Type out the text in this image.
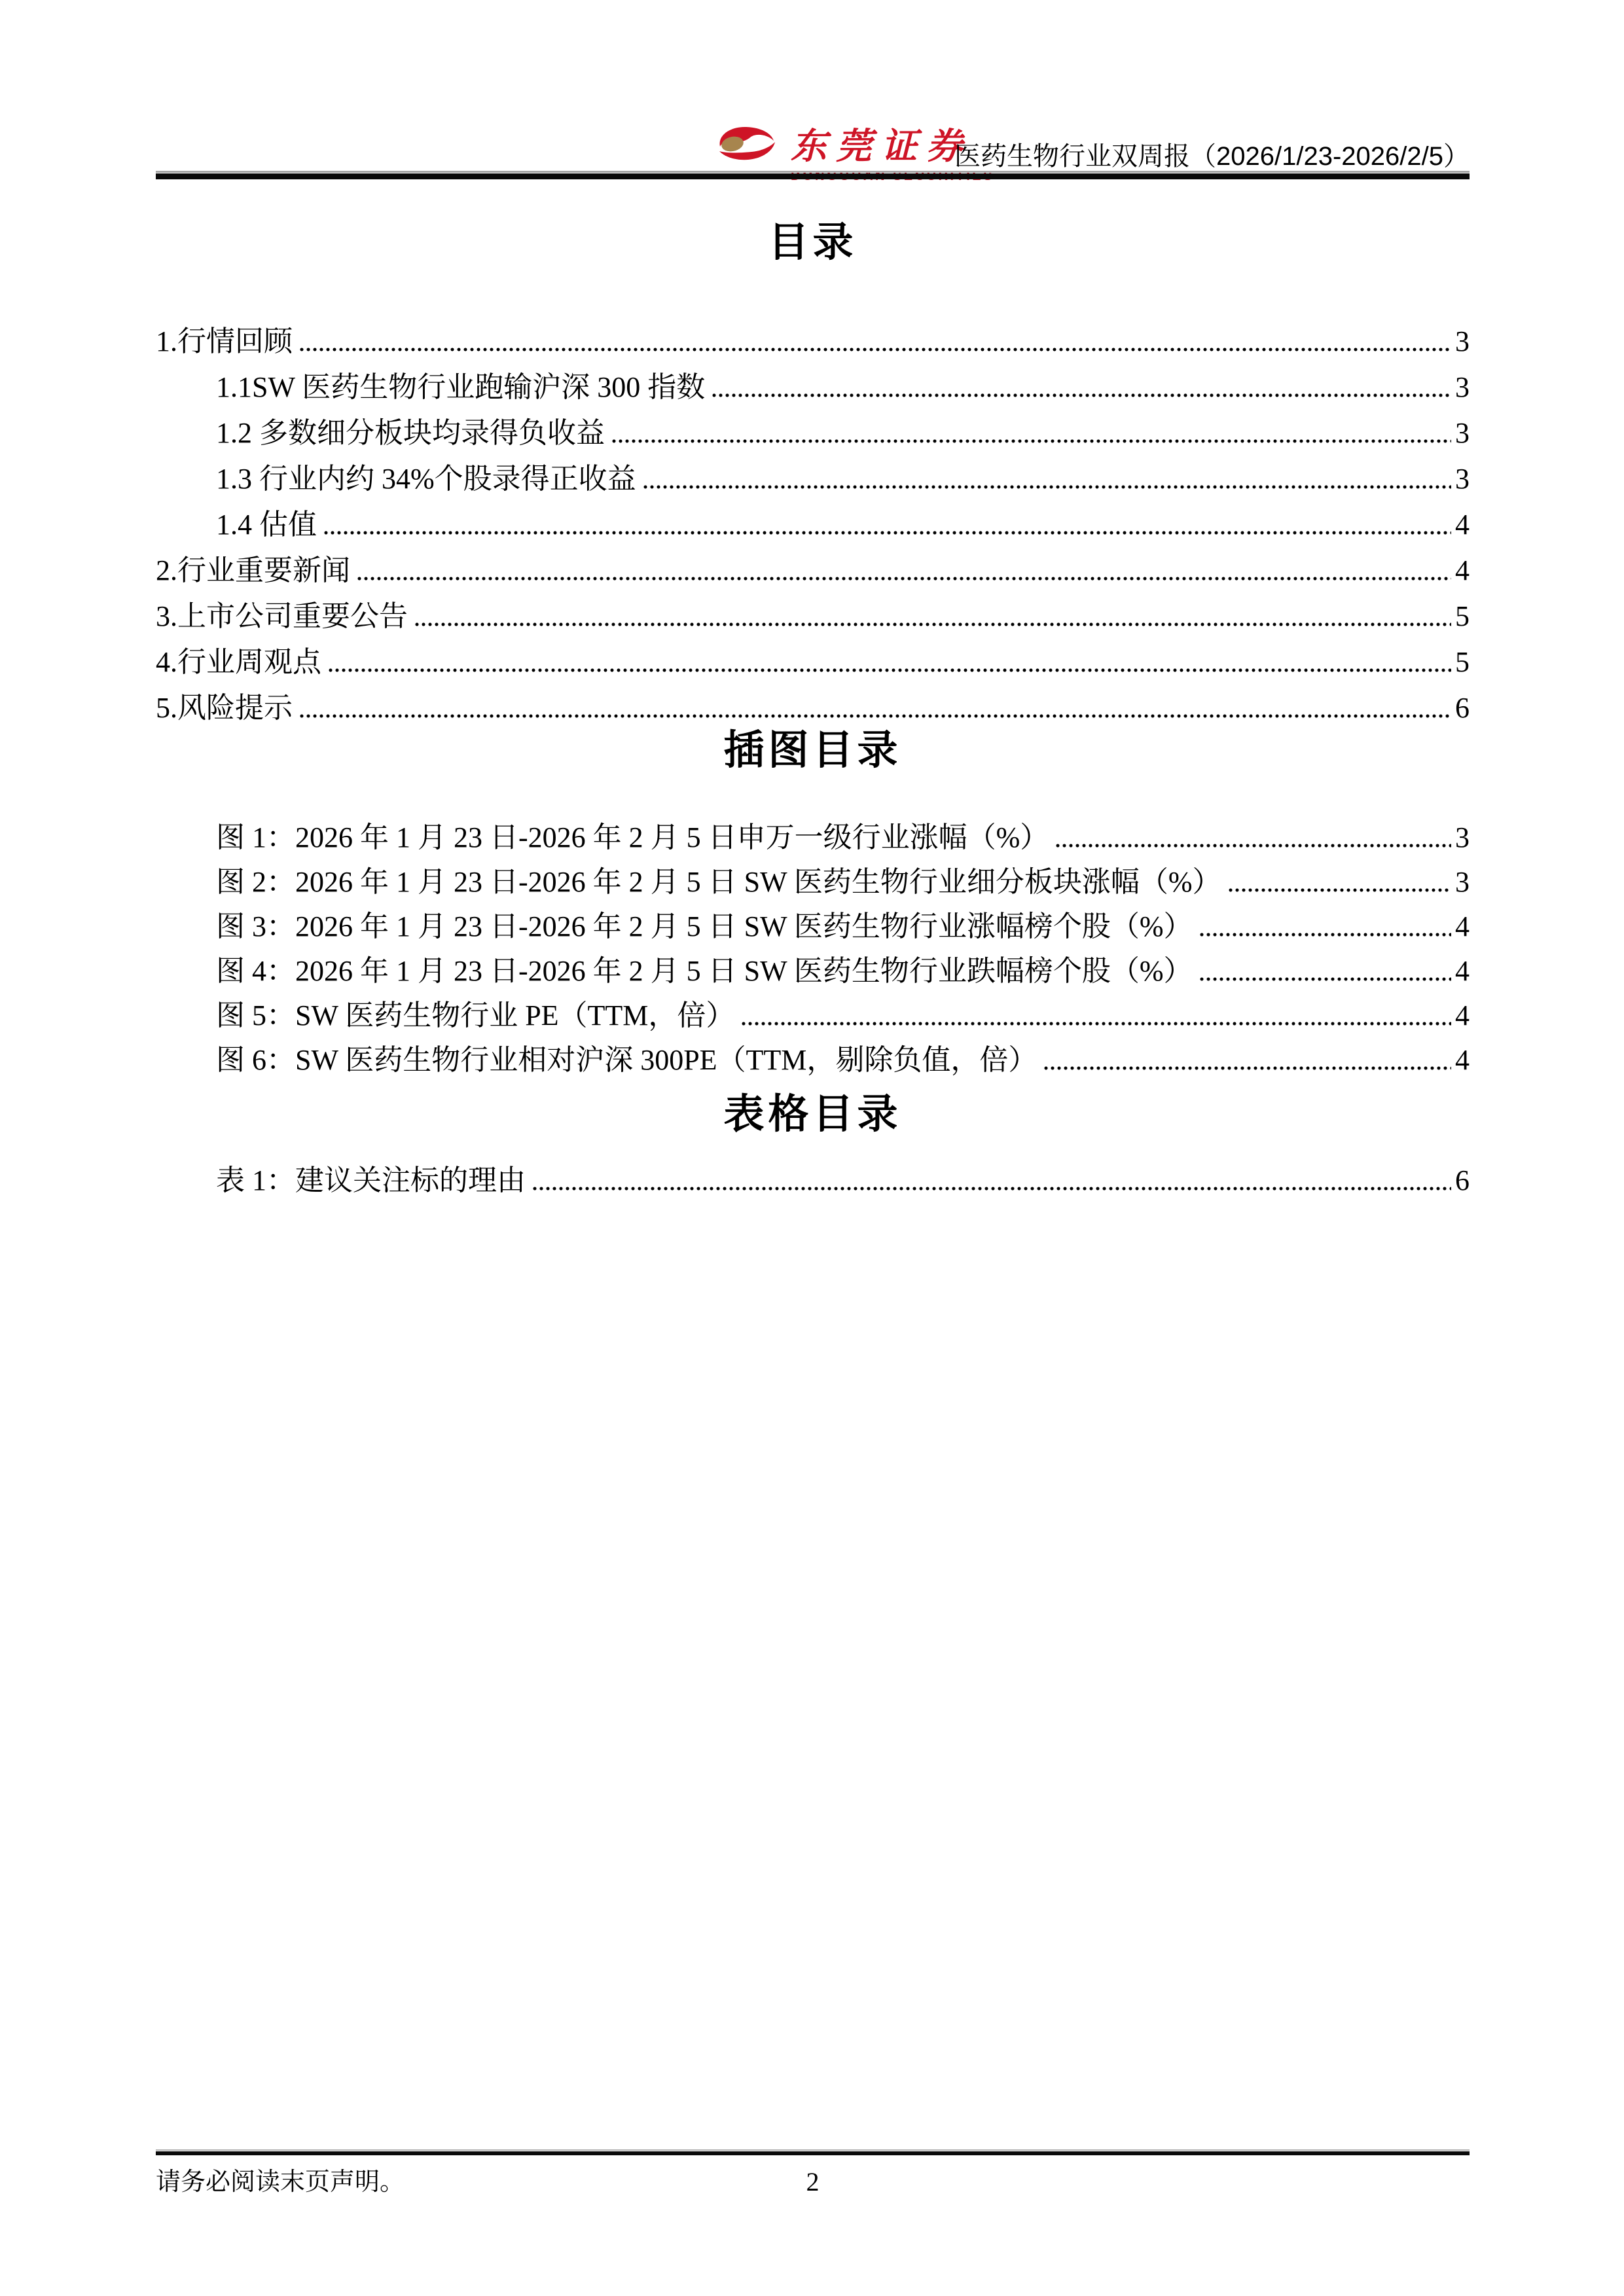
东莞证券
医药生物行业双周报（2026/1/23-2026/2/5）
目录
1.行情回顾	3
1.1SW 医药生物行业跑输沪深 300 指数	3
1.2 多数细分板块均录得负收益	3
1.3 行业内约 34%个股录得正收益	3
1.4 估值	4
2.行业重要新闻	4
3.上市公司重要公告	5
4.行业周观点	5
5.风险提示	6
插图目录
图 1：2026 年 1 月 23 日-2026 年 2 月 5 日申万一级行业涨幅（%）	3
图 2：2026 年 1 月 23 日-2026 年 2 月 5 日 SW 医药生物行业细分板块涨幅（%）	3
图 3：2026 年 1 月 23 日-2026 年 2 月 5 日 SW 医药生物行业涨幅榜个股（%）	4
图 4：2026 年 1 月 23 日-2026 年 2 月 5 日 SW 医药生物行业跌幅榜个股（%）	4
图 5：SW 医药生物行业 PE（TTM，倍）	4
图 6：SW 医药生物行业相对沪深 300PE（TTM，剔除负值，倍）	4
表格目录
表 1：建议关注标的理由	6
2
请务必阅读末页声明。
